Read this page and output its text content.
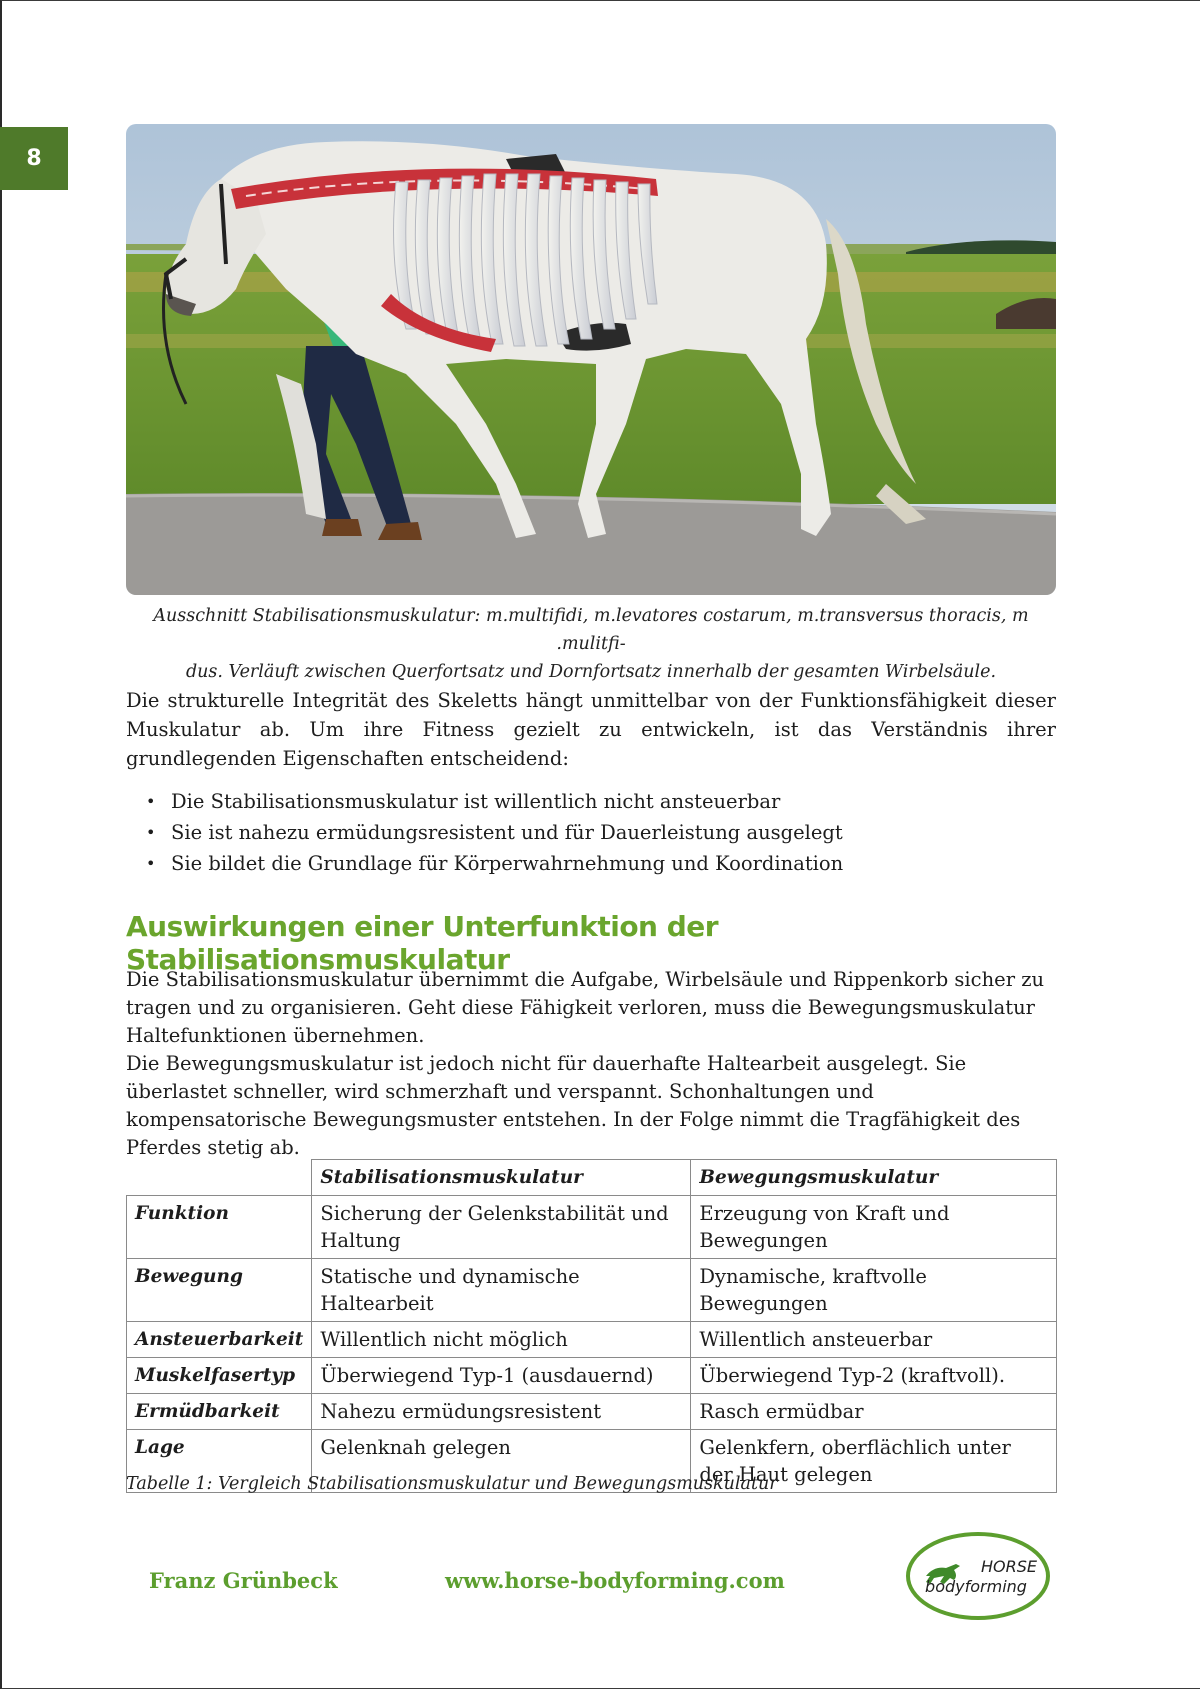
8
Ausschnitt Stabilisationsmuskulatur: m.multifidi, m.levatores costarum, m.transversus thoracis, m .mulitfi-
dus. Verläuft zwischen Querfortsatz und Dornfortsatz innerhalb der gesamten Wirbelsäule.

Die strukturelle Integrität des Skeletts hängt unmittelbar von der Funktionsfähigkeit dieser Muskulatur ab. Um ihre Fitness gezielt zu entwickeln, ist das Verständnis ihrer grundlegenden Eigenschaften entscheidend:

• Die Stabilisationsmuskulatur ist willentlich nicht ansteuerbar
• Sie ist nahezu ermüdungsresistent und für Dauerleistung ausgelegt
• Sie bildet die Grundlage für Körperwahrnehmung und Koordination
Auswirkungen einer Unterfunktion der Stabilisationsmuskulatur

Die Stabilisationsmuskulatur übernimmt die Aufgabe, Wirbelsäule und Rippenkorb sicher zu tragen und zu organisieren. Geht diese Fähigkeit verloren, muss die Bewegungsmuskulatur Haltefunktionen übernehmen.

Die Bewegungsmuskulatur ist jedoch nicht für dauerhafte Haltearbeit ausgelegt. Sie überlastet schneller, wird schmerzhaft und verspannt. Schonhaltungen und kompensatorische Bewegungsmuster entstehen. In der Folge nimmt die Tragfähigkeit des Pferdes stetig ab.

	Stabilisationsmuskulatur	Bewegungsmuskulatur
Funktion	Sicherung der Gelenkstabilität und Haltung	Erzeugung von Kraft und Bewegungen
Bewegung	Statische und dynamische Haltearbeit	Dynamische, kraftvolle Bewegungen
Ansteuerbarkeit	Willentlich nicht möglich	Willentlich ansteuerbar
Muskelfasertyp	Überwiegend Typ-1 (ausdauernd)	Überwiegend Typ-2 (kraftvoll).
Ermüdbarkeit	Nahezu ermüdungsresistent	Rasch ermüdbar
Lage	Gelenknah gelegen	Gelenkfern, oberflächlich unter der Haut gelegen
Tabelle 1: Vergleich Stabilisationsmuskulatur und Bewegungsmuskulatur
Franz Grünbeck	www.horse-bodyforming.com
HORSE
bodyforming
